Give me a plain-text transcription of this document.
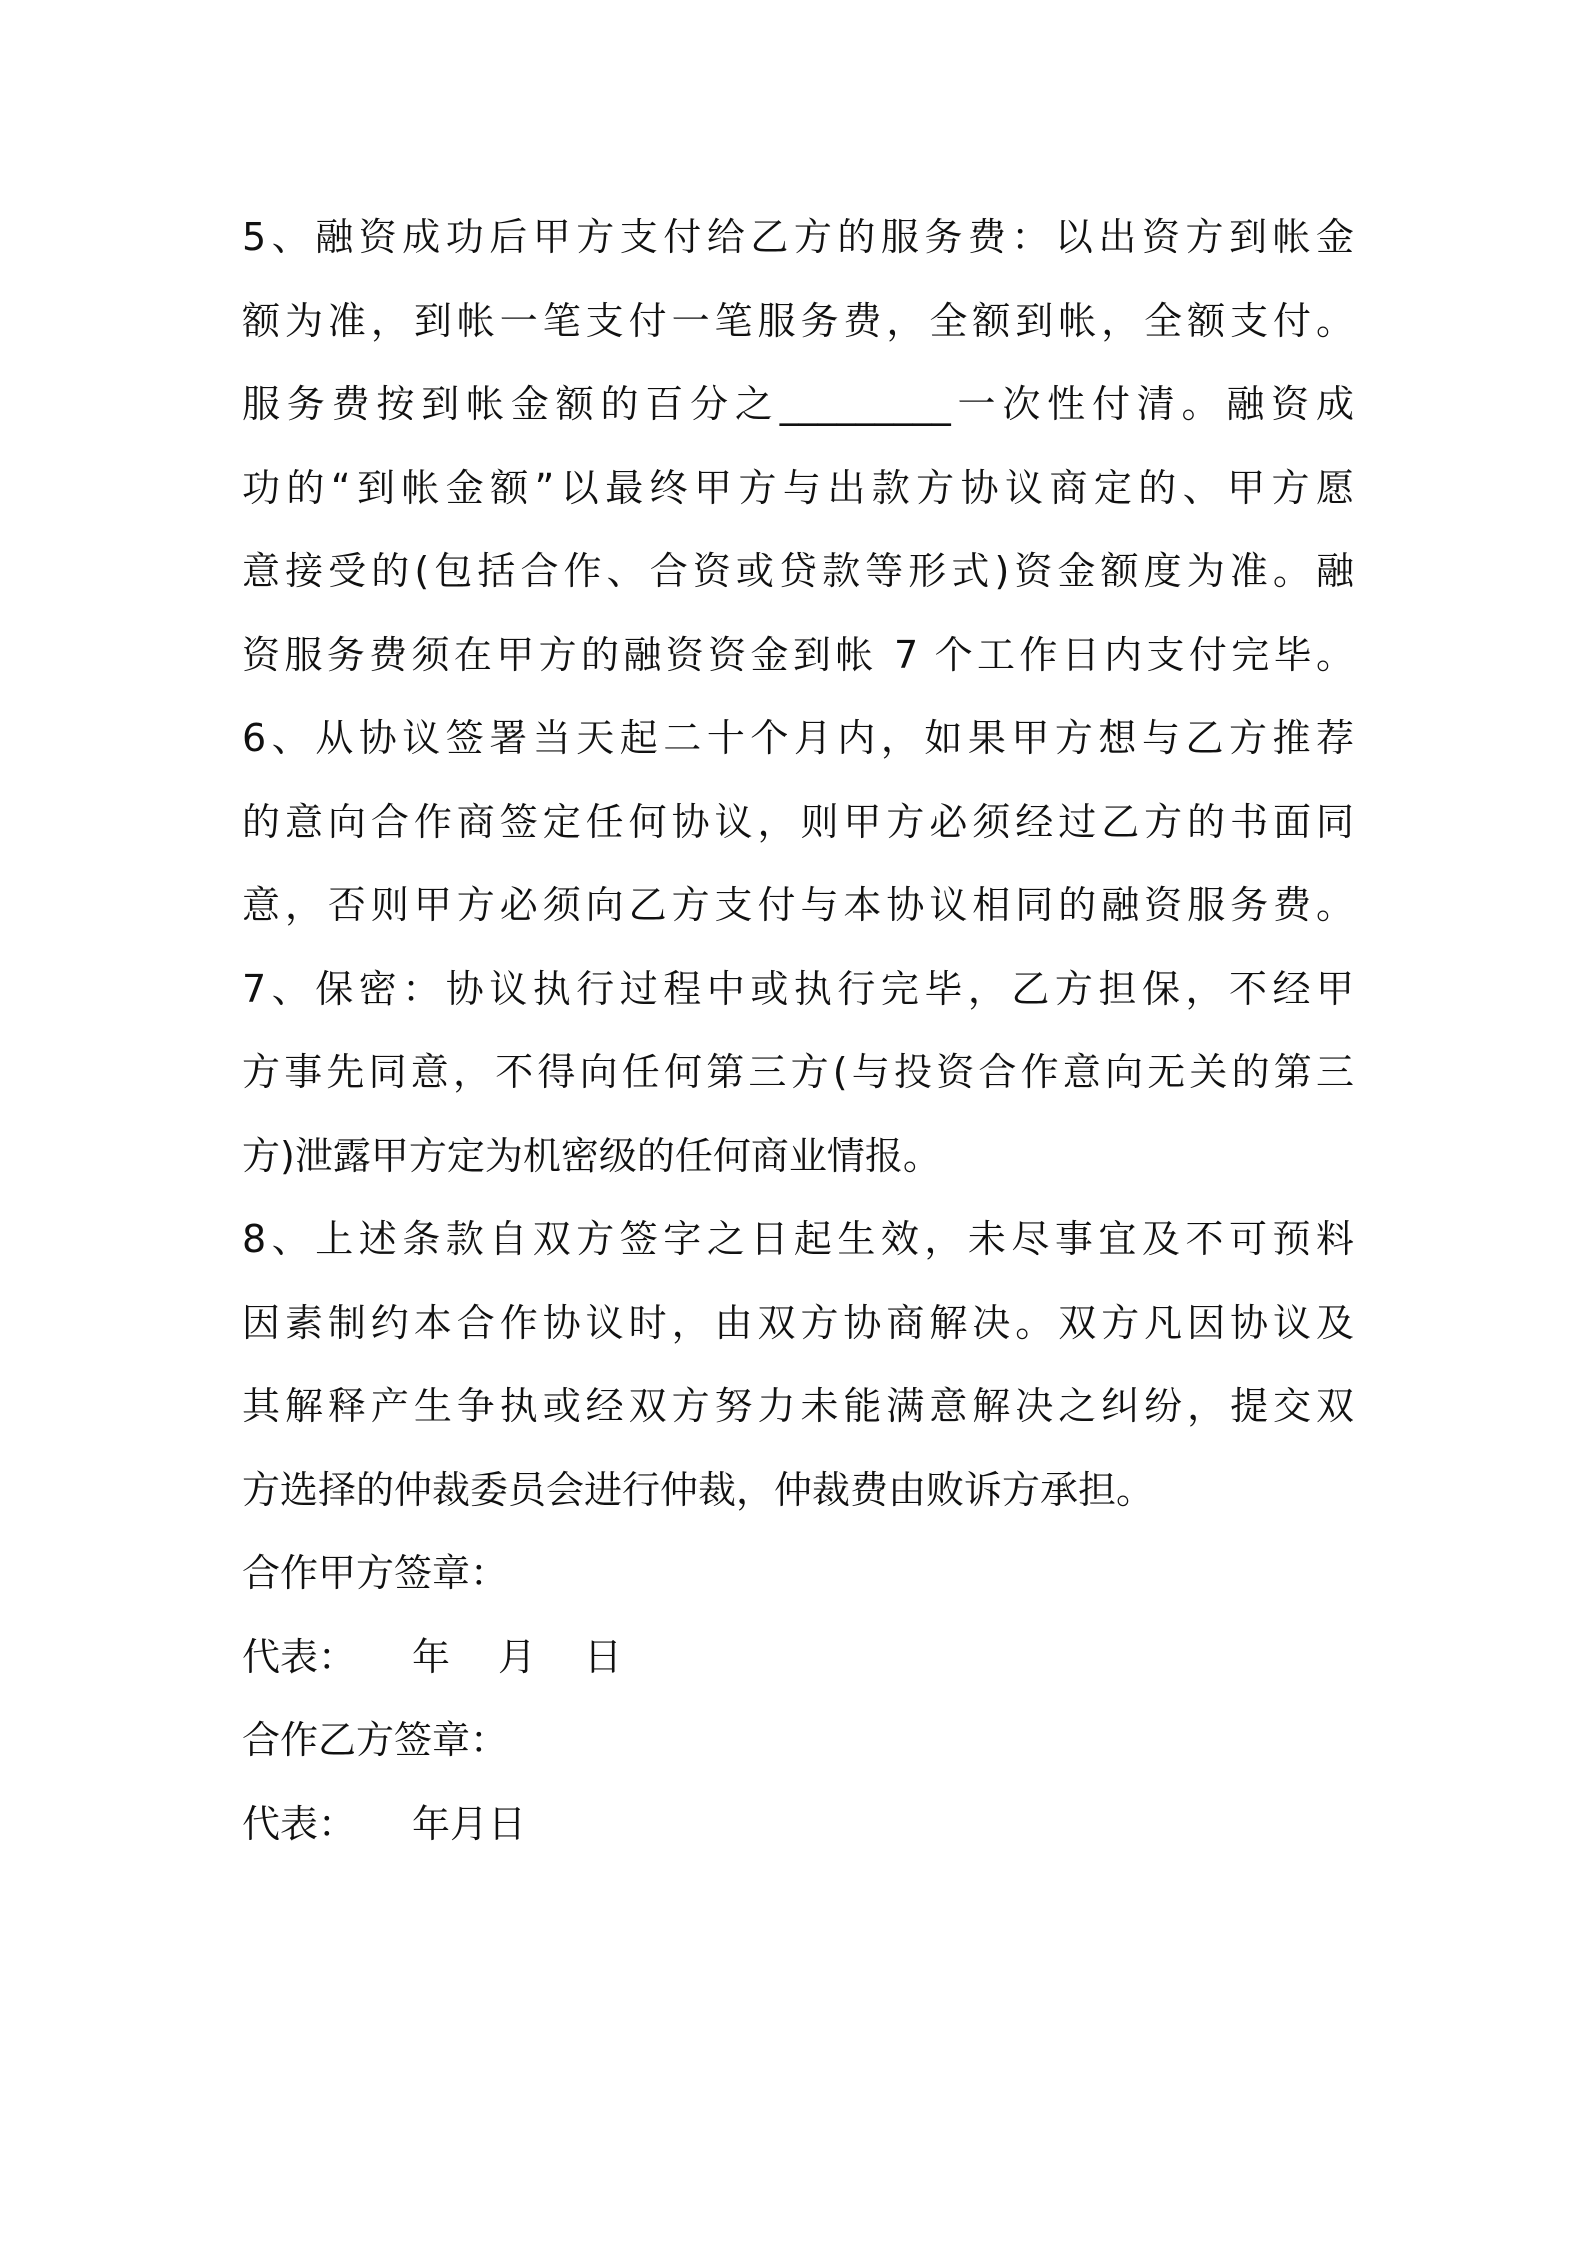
5、融资成功后甲方支付给乙方的服务费：以出资方到帐金
额为准，到帐一笔支付一笔服务费，全额到帐，全额支付。
服务费按到帐金额的百分之_________一次性付清。融资成
功的“到帐金额”以最终甲方与出款方协议商定的、甲方愿
意接受的(包括合作、合资或贷款等形式)资金额度为准。融
资服务费须在甲方的融资资金到帐 7 个工作日内支付完毕。
6、从协议签署当天起二十个月内，如果甲方想与乙方推荐
的意向合作商签定任何协议，则甲方必须经过乙方的书面同
意，否则甲方必须向乙方支付与本协议相同的融资服务费。
7、保密：协议执行过程中或执行完毕，乙方担保，不经甲
方事先同意，不得向任何第三方(与投资合作意向无关的第三
方)泄露甲方定为机密级的任何商业情报。
8、上述条款自双方签字之日起生效，未尽事宜及不可预料
因素制约本合作协议时，由双方协商解决。双方凡因协议及
其解释产生争执或经双方努力未能满意解决之纠纷，提交双
方选择的仲裁委员会进行仲裁，仲裁费由败诉方承担。
合作甲方签章：
代表： 年 月 日
合作乙方签章：
代表： 年月日
